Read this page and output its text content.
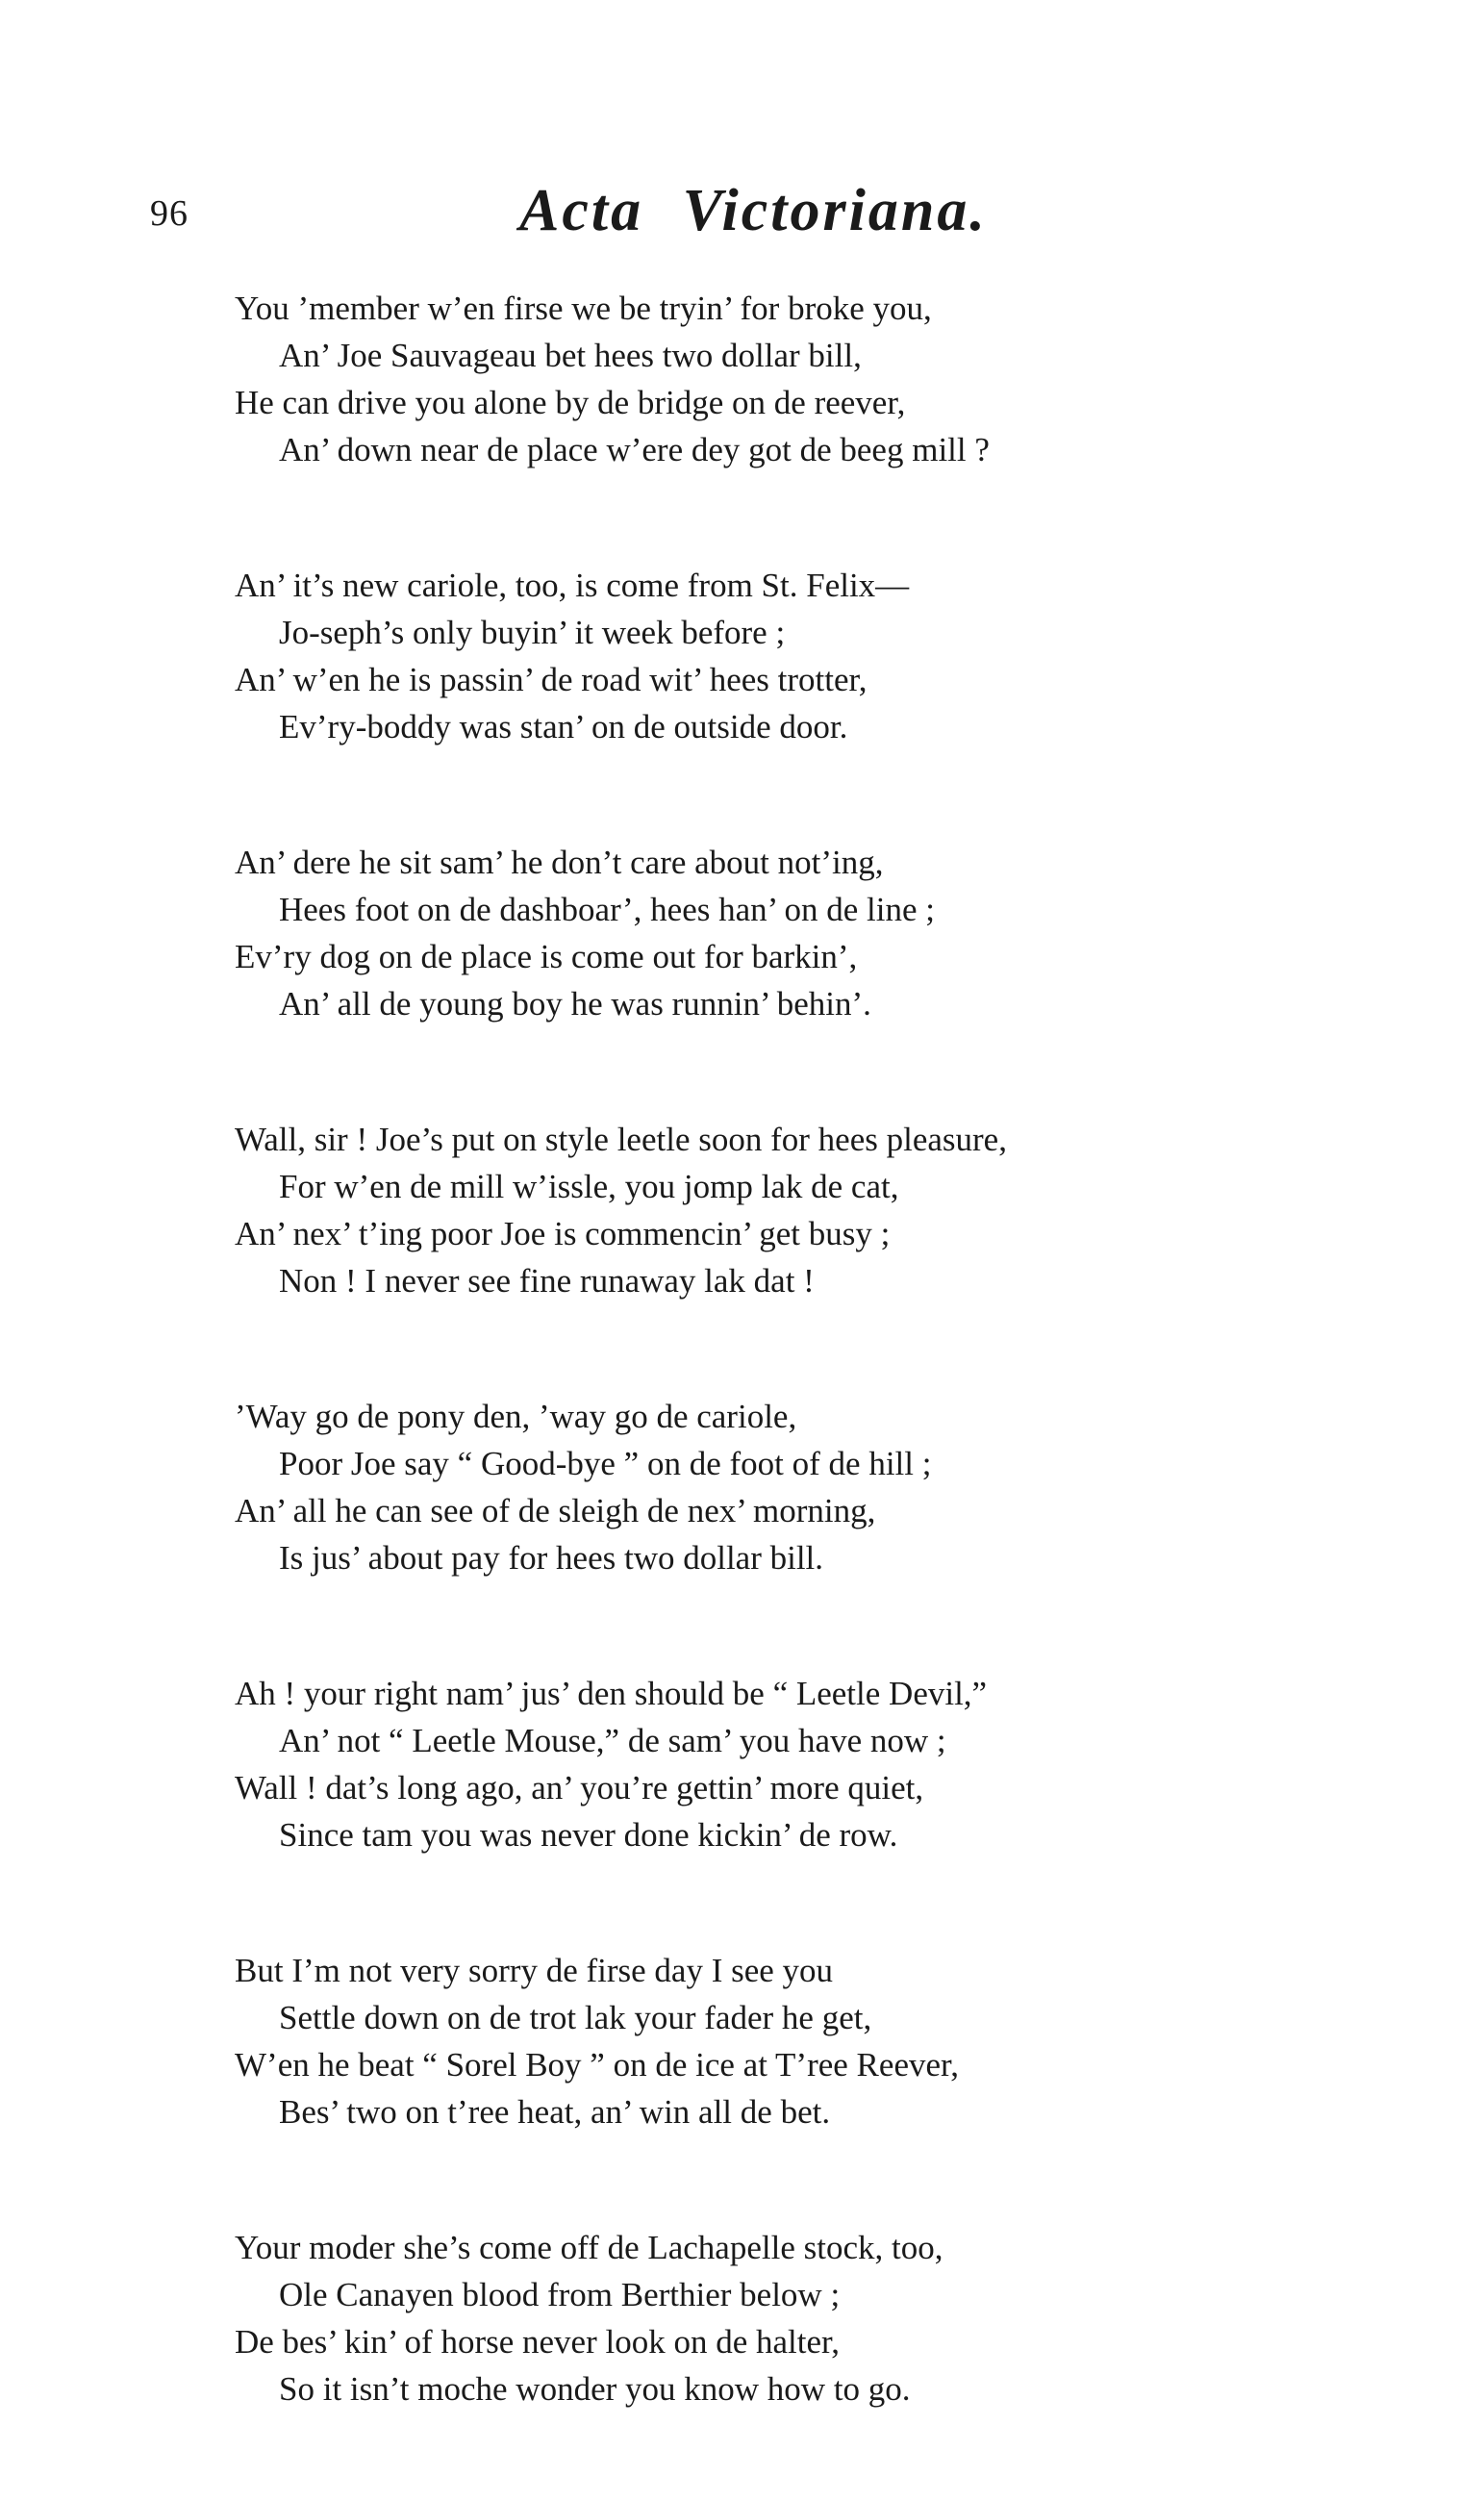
96	Acta Victoriana.
You ’member w’en firse we be tryin’ for broke you,
An’ Joe Sauvageau bet hees two dollar bill,
He can drive you alone by de bridge on de reever,
An’ down near de place w’ere dey got de beeg mill ?
An’ it’s new cariole, too, is come from St. Felix—
Jo-seph’s only buyin’ it week before ;
An’ w’en he is passin’ de road wit’ hees trotter,
Ev’ry-boddy was stan’ on de outside door.
An’ dere he sit sam’ he don’t care about not’ing,
Hees foot on de dashboar’, hees han’ on de line ;
Ev’ry dog on de place is come out for barkin’,
An’ all de young boy he was runnin’ behin’.
Wall, sir ! Joe’s put on style leetle soon for hees pleasure,
For w’en de mill w’issle, you jomp lak de cat,
An’ nex’ t’ing poor Joe is commencin’ get busy ;
Non ! I never see fine runaway lak dat !
’Way go de pony den, ’way go de cariole,
Poor Joe say “ Good-bye ” on de foot of de hill ;
An’ all he can see of de sleigh de nex’ morning,
Is jus’ about pay for hees two dollar bill.
Ah ! your right nam’ jus’ den should be “ Leetle Devil,”
An’ not “ Leetle Mouse,” de sam’ you have now ;
Wall ! dat’s long ago, an’ you’re gettin’ more quiet,
Since tam you was never done kickin’ de row.
But I’m not very sorry de firse day I see you
Settle down on de trot lak your fader he get,
W’en he beat “ Sorel Boy ” on de ice at T’ree Reever,
Bes’ two on t’ree heat, an’ win all de bet.
Your moder she’s come off de Lachapelle stock, too,
Ole Canayen blood from Berthier below ;
De bes’ kin’ of horse never look on de halter,
So it isn’t moche wonder you know how to go.
